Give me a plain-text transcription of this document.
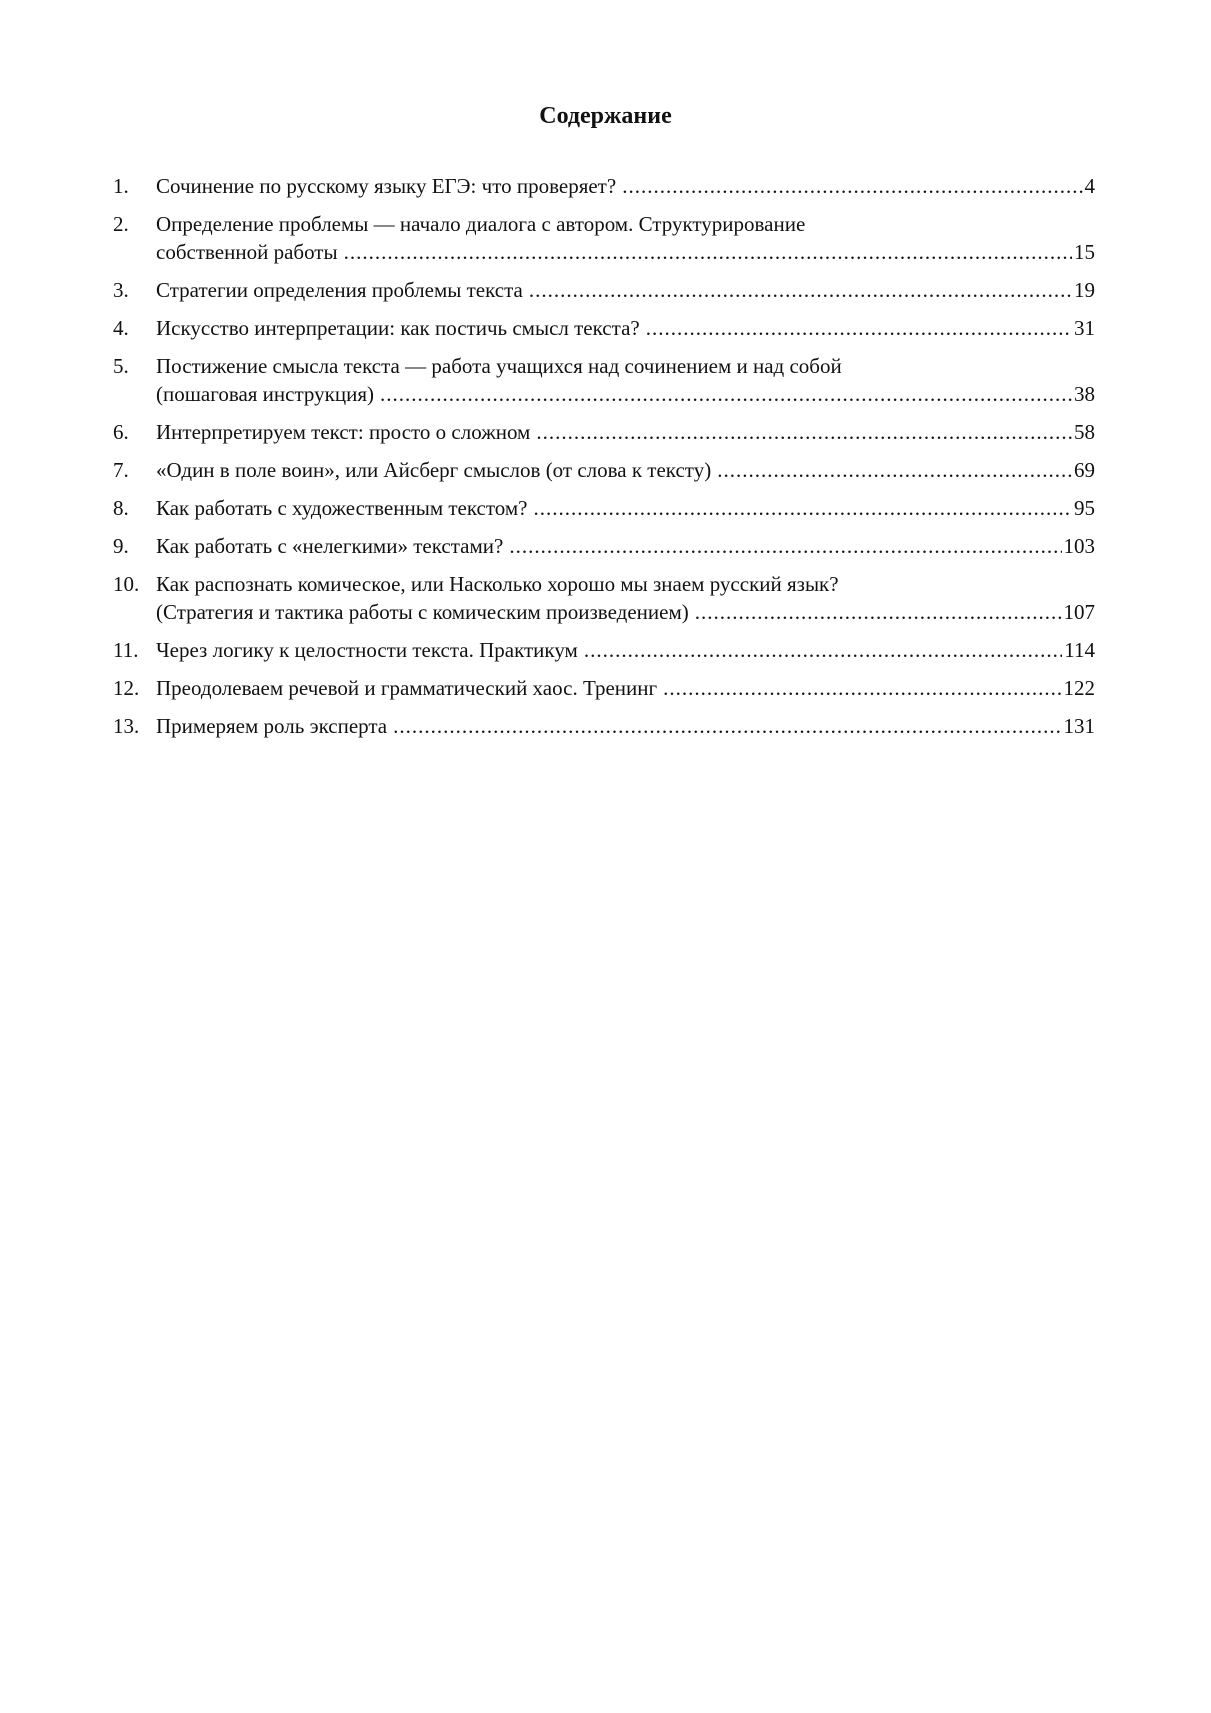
Содержание
1.	Сочинение по русскому языку ЕГЭ: что проверяет? .....	4
2.	Определение проблемы — начало диалога с автором. Структурирование
собственной работы .....	15
3.	Стратегии определения проблемы текста .....	19
4.	Искусство интерпретации: как постичь смысл текста? .....	31
5.	Постижение смысла текста — работа учащихся над сочинением и над собой
(пошаговая инструкция) .....	38
6.	Интерпретируем текст: просто о сложном .....	58
7.	«Один в поле воин», или Айсберг смыслов (от слова к тексту) .....	69
8.	Как работать с художественным текстом? .....	95
9.	Как работать с «нелегкими» текстами? .....	103
10. Как распознать комическое, или Насколько хорошо мы знаем русский язык?
(Стратегия и тактика работы с комическим произведением) .....	107
11. Через логику к целостности текста. Практикум .....	114
12. Преодолеваем речевой и грамматический хаос. Тренинг .....	122
13. Примеряем роль эксперта .....	131
